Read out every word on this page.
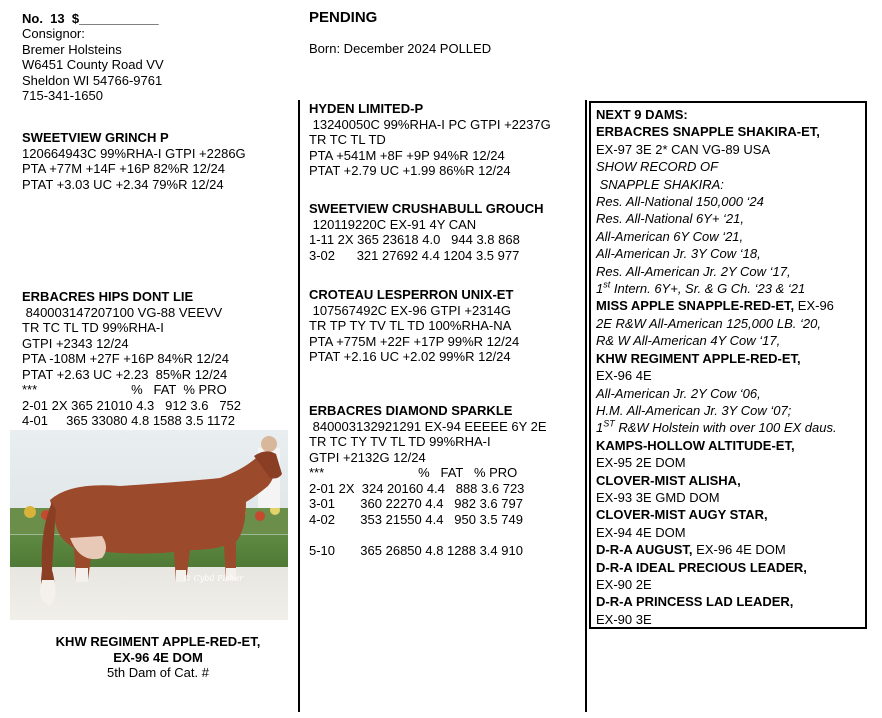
No.  13  $___________
Consignor:
Bremer Holsteins
W6451 County Road VV
Sheldon WI 54766-9761
715-341-1650
PENDING
Born: December 2024 POLLED
SWEETVIEW GRINCH P
120664943C 99%RHA-I GTPI +2286G
PTA +77M +14F +16P 82%R 12/24
PTAT +3.03 UC +2.34 79%R 12/24
ERBACRES HIPS DONT LIE
840003147207100 VG-88 VEEVV
TR TC TL TD 99%RHA-I
GTPI +2343 12/24
PTA -108M +27F +16P 84%R 12/24
PTAT +2.63 UC +2.23  85%R 12/24
***                          %   FAT  % PRO
2-01 2X 365 21010 4.3   912 3.6   752
4-01     365 33080 4.8 1588 3.5 1172
© Cybil Fisher
KHW REGIMENT APPLE-RED-ET,
EX-96 4E DOM
5th Dam of Cat. #
HYDEN LIMITED-P
13240050C 99%RHA-I PC GTPI +2237G
TR TC TL TD
PTA +541M +8F +9P 94%R 12/24
PTAT +2.79 UC +1.99 86%R 12/24
SWEETVIEW CRUSHABULL GROUCH
120119220C EX-91 4Y CAN
1-11 2X 365 23618 4.0   944 3.8 868
3-02      321 27692 4.4 1204 3.5 977
CROTEAU LESPERRON UNIX-ET
107567492C EX-96 GTPI +2314G
TR TP TY TV TL TD 100%RHA-NA
PTA +775M +22F +17P 99%R 12/24
PTAT +2.16 UC +2.02 99%R 12/24
ERBACRES DIAMOND SPARKLE
840003132921291 EX-94 EEEEE 6Y 2E
TR TC TY TV TL TD 99%RHA-I
GTPI +2132G 12/24
***                          %   FAT   % PRO
2-01 2X  324 20160 4.4   888 3.6 723
3-01       360 22270 4.4   982 3.6 797
4-02       353 21550 4.4   950 3.5 749
5-10       365 26850 4.8 1288 3.4 910
NEXT 9 DAMS:
ERBACRES SNAPPLE SHAKIRA-ET,
EX-97 3E 2* CAN VG-89 USA
SHOW RECORD OF
SNAPPLE SHAKIRA:
Res. All-National 150,000 ‘24
Res. All-National 6Y+ ‘21,
All-American 6Y Cow ‘21,
All-American Jr. 3Y Cow ‘18,
Res. All-American Jr. 2Y Cow ‘17,
1st Intern. 6Y+, Sr. & G Ch. ‘23 & ‘21
MISS APPLE SNAPPLE-RED-ET, EX-96
2E R&W All-American 125,000 LB. ‘20,
R& W All-American 4Y Cow ‘17,
KHW REGIMENT APPLE-RED-ET,
EX-96 4E
All-American Jr. 2Y Cow ‘06,
H.M. All-American Jr. 3Y Cow ‘07;
1ST R&W Holstein with over 100 EX daus.
KAMPS-HOLLOW ALTITUDE-ET,
EX-95 2E DOM
CLOVER-MIST ALISHA,
EX-93 3E GMD DOM
CLOVER-MIST AUGY STAR,
EX-94 4E DOM
D-R-A AUGUST, EX-96 4E DOM
D-R-A IDEAL PRECIOUS LEADER,
EX-90 2E
D-R-A PRINCESS LAD LEADER,
EX-90 3E
